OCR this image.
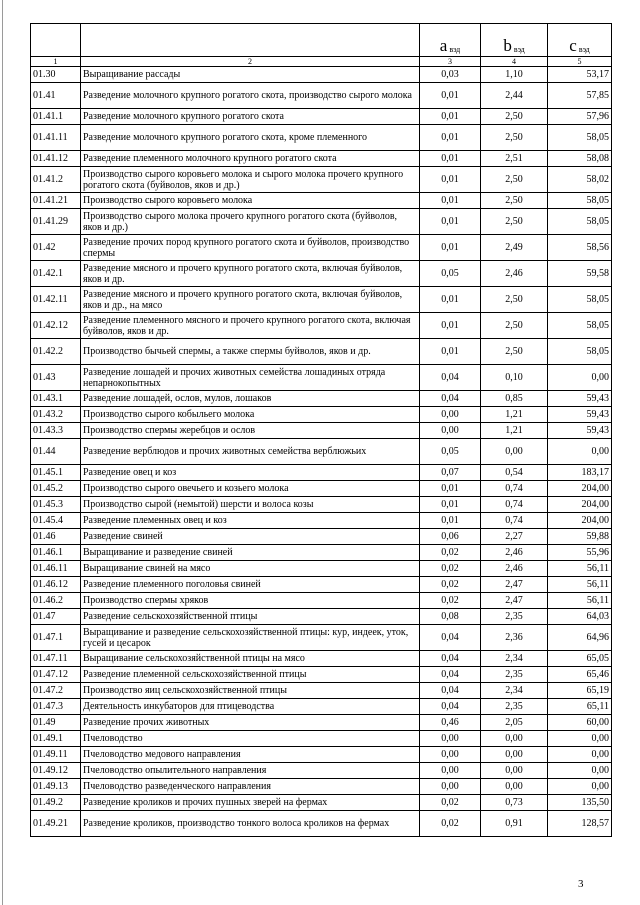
		a $_{вэд}$	b $_{вэд}$	c $_{вэд}$
1	2	3	4	5
01.30	Выращивание рассады	0,03	1,10	53,17
01.41	Разведение молочного крупного рогатого скота, производство сырого молока	0,01	2,44	57,85
01.41.1	Разведение молочного крупного рогатого скота	0,01	2,50	57,96
01.41.11	Разведение молочного крупного рогатого скота, кроме племенного	0,01	2,50	58,05
01.41.12	Разведение племенного молочного крупного рогатого скота	0,01	2,51	58,08
01.41.2	Производство сырого коровьего молока и сырого молока прочего крупного рогатого скота (буйволов, яков и др.)	0,01	2,50	58,02
01.41.21	Производство сырого коровьего молока	0,01	2,50	58,05
01.41.29	Производство сырого молока прочего крупного рогатого скота (буйволов, яков и др.)	0,01	2,50	58,05
01.42	Разведение прочих пород крупного рогатого скота и буйволов, производство спермы	0,01	2,49	58,56
01.42.1	Разведение мясного и прочего крупного рогатого скота, включая буйволов, яков и др.	0,05	2,46	59,58
01.42.11	Разведение мясного и прочего крупного рогатого скота, включая буйволов, яков и др., на мясо	0,01	2,50	58,05
01.42.12	Разведение племенного мясного и прочего крупного рогатого скота, включая буйволов, яков и др.	0,01	2,50	58,05
01.42.2	Производство бычьей спермы, а также спермы буйволов, яков и др.	0,01	2,50	58,05
01.43	Разведение лошадей и прочих животных семейства лошадиных отряда непарнокопытных	0,04	0,10	0,00
01.43.1	Разведение лошадей, ослов, мулов, лошаков	0,04	0,85	59,43
01.43.2	Производство сырого кобыльего молока	0,00	1,21	59,43
01.43.3	Производство спермы жеребцов и ослов	0,00	1,21	59,43
01.44	Разведение верблюдов и прочих животных семейства верблюжьих	0,05	0,00	0,00
01.45.1	Разведение овец и коз	0,07	0,54	183,17
01.45.2	Производство сырого овечьего и козьего молока	0,01	0,74	204,00
01.45.3	Производство сырой (немытой) шерсти и волоса козы	0,01	0,74	204,00
01.45.4	Разведение племенных овец и коз	0,01	0,74	204,00
01.46	Разведение свиней	0,06	2,27	59,88
01.46.1	Выращивание и разведение свиней	0,02	2,46	55,96
01.46.11	Выращивание свиней на мясо	0,02	2,46	56,11
01.46.12	Разведение племенного поголовья свиней	0,02	2,47	56,11
01.46.2	Производство спермы хряков	0,02	2,47	56,11
01.47	Разведение сельскохозяйственной птицы	0,08	2,35	64,03
01.47.1	Выращивание и разведение сельскохозяйственной птицы: кур, индеек, уток, гусей и цесарок	0,04	2,36	64,96
01.47.11	Выращивание сельскохозяйственной птицы на мясо	0,04	2,34	65,05
01.47.12	Разведение племенной сельскохозяйственной птицы	0,04	2,35	65,46
01.47.2	Производство яиц сельскохозяйственной птицы	0,04	2,34	65,19
01.47.3	Деятельность инкубаторов для птицеводства	0,04	2,35	65,11
01.49	Разведение прочих животных	0,46	2,05	60,00
01.49.1	Пчеловодство	0,00	0,00	0,00
01.49.11	Пчеловодство медового направления	0,00	0,00	0,00
01.49.12	Пчеловодство опылительного направления	0,00	0,00	0,00
01.49.13	Пчеловодство разведенческого направления	0,00	0,00	0,00
01.49.2	Разведение кроликов и прочих пушных зверей на фермах	0,02	0,73	135,50
01.49.21	Разведение кроликов, производство тонкого волоса кроликов на фермах	0,02	0,91	128,57
3
